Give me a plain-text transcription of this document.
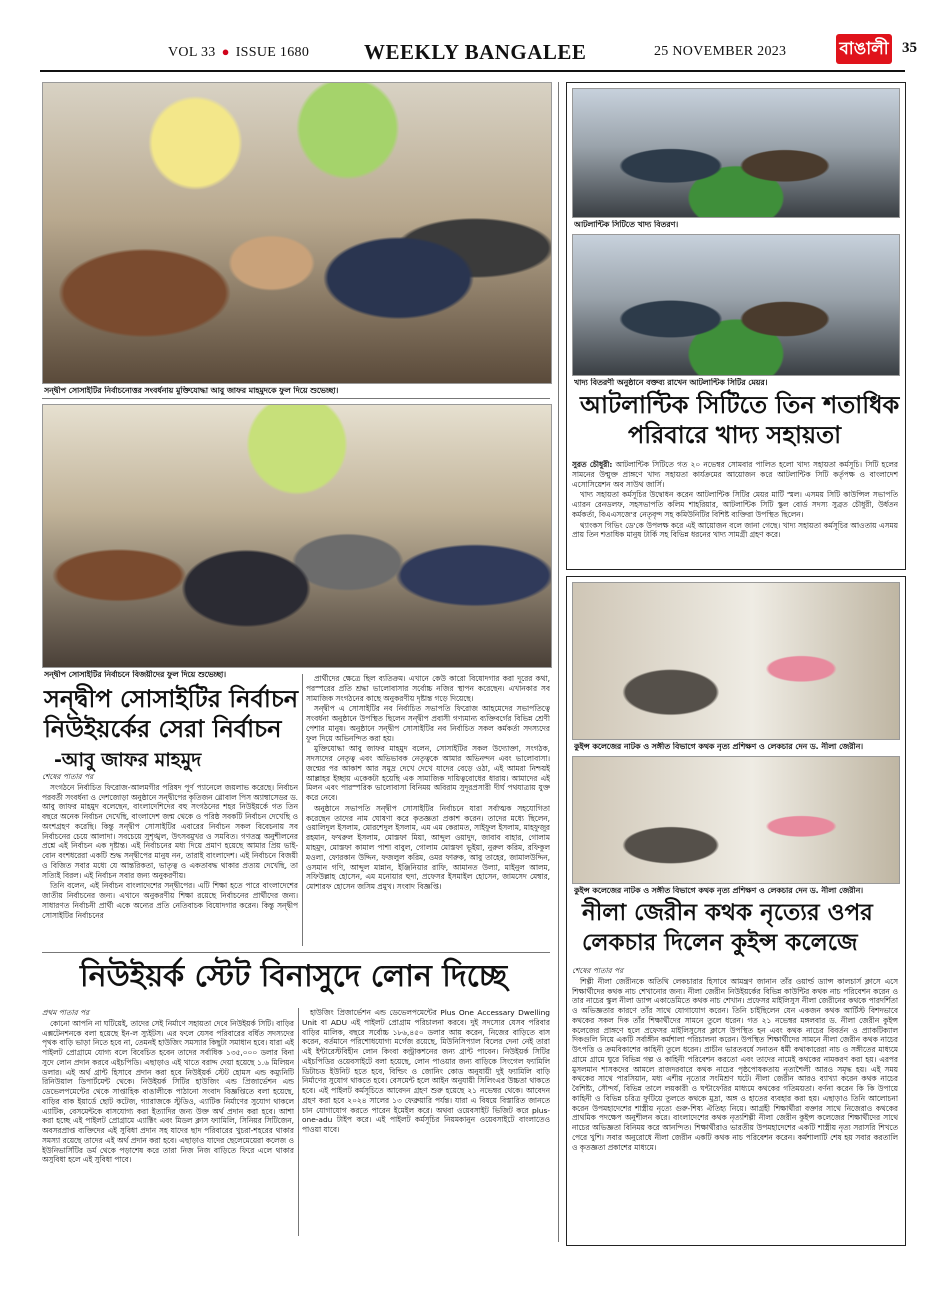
VOL 33 ● ISSUE 1680	WEEKLY BANGALEE	25 NOVEMBER 2023	বাঙালী 35
সন্দ্বীপ সোসাইটির নির্বাচনোত্তর সংবর্ধনায় মুক্তিযোদ্ধা আবু জাফর মাহমুদকে ফুল দিয়ে শুভেচ্ছা।
সন্দ্বীপ সোসাইটির নির্বাচনে বিজয়ীদের ফুল দিয়ে শুভেচ্ছা।
সন্দ্বীপ সোসাইটির নির্বাচন
নিউইয়র্কের সেরা নির্বাচন
-আবু জাফর মাহমুদ

শেষের পাতার পর

সংগঠনে নির্বাচিত ফিরোজ-আলমগীর পরিষদ পূর্ণ প্যানেলে জয়লাভ করেছে। নির্বাচন পরবর্তী সংবর্ধনা ও দেশজোড়া অনুষ্ঠানে সন্দ্বীপের কৃতিজন গ্লোবাল পিস অ্যাম্বাসেডর ড. আবু জাফর মাহমুদ বলেছেন, বাংলাদেশিদের বহু সংগঠনের শহর নিউইয়র্কে গত তিন বছরে অনেক নির্বাচন দেখেছি, বাংলাদেশ জন্ম থেকে ও পরিষ্ঠ সবকটি নির্বাচন দেখেছি ও অংশগ্রহণ করেছি। কিন্তু সন্দ্বীপ সোসাইটির এবারের নির্বাচন সকল বিবেচনায় সব নির্বাচনের চেয়ে আলাদা। সবচেয়ে সুশৃঙ্খল, উৎসবমুখর ও সমবিত। গণতন্ত্র অনুশীলনের প্রশ্নে এই নির্বাচন এক দৃষ্টান্ত। এই নির্বাচনের মধ্য দিয়ে প্রমাণ হয়েছে আমার প্রিয় ভাই-বোন বংশধরেরা একটি শুদ্ধ সন্দ্বীপের মানুষ নন, তারাই বাংলাদেশ। এই নির্বাচনে বিজয়ী ও বিজিত সবার মধ্যে যে আন্তরিকতা, ভাতৃত্ব ও একতাবদ্ধ থাকার প্রত্যয় দেখেছি, তা সত্যিই বিরল। এই নির্বাচন সবার জন্য অনুকরণীয়।

তিনি বলেন, এই নির্বাচন বাংলাদেশের সন্দ্বীপের। এটি শিক্ষা হতে পারে বাংলাদেশের জাতীয় নির্বাচনের জন্য। এখানে অনুকরণীয় শিক্ষা রয়েছে নির্বাচনের প্রার্থীদের জন্য। সাধারণত নির্বাচনী প্রার্থী একে অন্যের প্রতি নেতিবাচক বিষোদগার করেন। কিন্তু সন্দ্বীপ সোসাইটির নির্বাচনের

প্রার্থীদের ক্ষেত্রে ছিল ব্যতিক্রম। এখানে কেউ কারো বিষোদগার করা দূরের কথা, পরস্পরের প্রতি শ্রদ্ধা ভালোবাসার সর্বোচ্চ নজির স্থাপন করেছেন। এখানকার সব সামাজিক সংগঠনের কাছে অনুকরণীয় দৃষ্টান্ত গড়ে দিয়েছে।

সন্দ্বীপ এ সোসাইটির নব নির্বাচিত সভাপতি ফিরোজ আহমেদের সভাপতিত্বে সংবর্ধনা অনুষ্ঠানে উপস্থিত ছিলেন সন্দ্বীপ প্রবাসী গণ্যমান্য ব্যক্তিবর্গের বিভিন্ন শ্রেণী পেশার মানুষ। অনুষ্ঠানে সন্দ্বীপ সোসাইটির নব নির্বাচিত সকল কর্মকর্তা সদস্যদের ফুল দিয়ে অভিনন্দিত করা হয়।

মুক্তিযোদ্ধা আবু জাফর মাহমুদ বলেন, সোসাইটির সকল উদ্যোক্তা, সংগঠক, সদস্যদের নেতৃত্ব এবং অভিভাবক নেতৃত্বকে আমার অভিনন্দন এবং ভালোবাসা। জন্মের পর আকাশ আর সমুদ্র দেখে দেখে যাদের বেড়ে ওঠা, এই আমরা নিশ্চয়ই আল্লাহর ইচ্ছায় একেকটা হয়েছি এক সামাজিক দায়িত্ববোধের ধারায়। আমাদের এই মিলন এবং পারস্পরিক ভালোবাসা বিনিময় অবিরাম সুদূরপ্রসারী দীর্ঘ পথযাত্রায় যুক্ত করে নেবে।

অনুষ্ঠানে সভাপতি সন্দ্বীপ সোসাইটির নির্বাচনে যারা সর্বাত্মক সহযোগিতা করেছেন তাদের নাম ঘোষণা করে কৃতজ্ঞতা প্রকাশ করেন। তাদের মধ্যে ছিলেন, ওয়ালিদুল ইসলাম, মোরশেদুল ইসলাম, এম এম কেরামত, সাইফুল ইসলাম, মাহফুজুর রহমান, ফখরুল ইসলাম, মোস্তফা মিয়া, আব্দুল ওয়াদুদ, জাবাব বাহার, গোলাম মাহমুদ, মোস্তফা কামাল পাশা বাবুল, গোলাম মোস্তফা ভূইয়া, নুরুল করিম, রফিকুল মওলা, ফোরকান উদ্দিন, ফজলুল করিম, ওমর ফারুক, আবু তাহের, জামালউদ্দিন, ওসমান গণি, আব্দুল মান্নান, ইঞ্জিনিয়ার রাফি, আমানত উল্যা, মাইনুল আলম, সফিউল্লাহ হোসেন, এম মনোয়ার হুদা, প্রফেসর ইসমাইল হোসেন, জামসেদ মেম্বার, মোশারফ হোসেন জসিম প্রমুখ। সংবাদ বিজ্ঞপ্তি।

নিউইয়র্ক স্টেট বিনাসুদে লোন দিচ্ছে

প্রথম পাতার পর

কোনো আপনি না ঘটিয়েই, তাদের সেই নির্মাণে সহায়তা দেবে নিউইয়র্ক সিটি। বাড়ির এক্সটেনশনকে বলা হয়েছে ইন-ল স্যুইটস। এর ফলে যেসব পরিবারের বর্ধিত সদস্যদের পৃথক বাড়ি ভাড়া নিতে হবে না, তেমনই হাউজিং সমস্যার কিছুটা সমাধান হবে। যারা এই পাইলট প্রোগ্রামে যোগ্য বলে বিবেচিত হবেন তাদের সর্বাধিক ১৩৫,০০০ ডলার বিনা সুদে লোন প্রদান করবে এইচপিডি। এছাড়াও এই খাতে বরাদ্দ দেয়া হয়েছে ১.৬ মিলিয়ন ডলার। এই অর্থ গ্রান্ট হিসাবে প্রদান করা হবে নিউইয়র্ক স্টেট হোমস এন্ড কম্যুনিটি রিনিউয়াল ডিপার্টমেন্ট থেকে। নিউইয়র্ক সিটির হাউজিং এন্ড প্রিজার্ভেশন এন্ড ডেভেলপমেন্টের থেকে সাপ্তাহিক বাঙালীকে পাঠানো সংবাদ বিজ্ঞপ্তিতে বলা হয়েছে, বাড়ির বাক ইয়ার্ডে ছোট কটেজ, গ্যারাজকে স্টুডিও, এ্যাটিক নির্মাণের সুযোগ থাকলে এ্যাটিক, বেসমেন্টকে বাসযোগ্য করা ইত্যাদির জন্য উক্ত অর্থ প্রদান করা হবে। আশা করা হচ্ছে এই পাইলট প্রোগ্রামে এ্যাক্টিং এবং মিডল ক্লাস ফ্যামিলি, সিনিয়র সিটিজেন, অবসরপ্রাপ্ত ব্যক্তিদের এই সুবিধা প্রদান সহ যাদের ছাদ পরিবারের খুচরা-শহরের থাকার সমস্যা রয়েছে তাদের এই অর্থ প্রদান করা হবে। এছাড়াও যাদের ছেলেমেয়েরা কলেজ ও ইউনিভার্সিটির ডর্ম থেকে পড়াশেষ করে তারা নিজ নিজ বাড়িতে ফিরে এলে থাকার অসুবিধা হলে এই সুবিধা পাবে।

হাউজিং প্রিজার্ভেশন এন্ড ডেভেলপমেন্টের Plus One Accessary Dwelling Unit বা ADU এই পাইলট প্রোগ্রাম পরিচালনা করবে। দুই সদস্যের যেসব পরিবার বাড়ির মালিক, বছরে সর্বোচ্চ ১৮৬,৪৫০ ডলার আয় করেন, নিজের বাড়িতে বাস করেন, বর্তমানে পরিশোধযোগ্য মর্গেজ রয়েছে, মিউনিসিপ্যাল বিলের দেনা নেই তারা এই ইন্টারেস্টবিহীন লোন কিংবা কন্ট্রাকশনের জন্য গ্রান্ট পাবেন। নিউইয়র্ক সিটির এইচপিডির ওয়েবসাইটে বলা হয়েছে, লোন পাওয়ার জন্য বাড়িকে সিংগেল ফ্যামিলি ডিটাচড ইউনিট হতে হবে, বিল্ডিং ও জোনিং কোড অনুযায়ী দুই ফ্যামিলি বাড়ি নির্মাণের সুযোগ থাকতে হবে। বেসমেন্ট হলে আইন অনুযায়ী সিলিংএর উচ্চতা থাকতে হবে। এই পাইলট কর্মসূচিতে আবেদন গ্রহণ শুরু হয়েছে ২১ নভেম্বর থেকে। আবেদন গ্রহণ করা হবে ২০২৪ সালের ১৩ ফেব্রুয়ারি পর্যন্ত। যারা এ বিষয়ে বিস্তারিত জানতে চান যোগাযোগ করতে পারেন ইমেইল করে। অথবা ওয়েবসাইট ভিজিট করে plus-one-adu টাইপ করে। এই পাইলট কর্মসূচির নিয়মকানুন ওয়েবসাইটে বাংলাতেও পাওয়া যাবে।

আটলান্টিক সিটিতে খাদ্য বিতরণ।
খাদ্য বিতরণী অনুষ্ঠানে বক্তব্য রাখেন আটলান্টিক সিটির মেয়র।
আটলান্টিক সিটিতে তিন শতাধিক
পরিবারে খাদ্য সহায়তা

সুরত চৌধুরী: আটলান্টিক সিটিতে গত ২০ নভেম্বর সোমবার পালিত হলো খাদ্য সহায়তা কর্মসূচি। সিটি হলের সামনের উন্মুক্ত প্রাঙ্গণে খাদ্য সহায়তা কার্যক্রমের আয়োজন করে আটলান্টিক সিটি কর্তৃপক্ষ ও বাংলাদেশ এসোসিয়েশন অব সাউথ জার্সি।

খাদ্য সহায়তা কর্মসূচির উদ্বোধন করেন আটলান্টিক সিটির মেয়র মার্টি স্মল। এসময় সিটি কাউন্সিল সভাপতি এ্যারন রেনডলফ, সহসভাপতি কলিম শাহরিয়ার, আটলান্টিক সিটি স্কুল বোর্ড সদস্য সুব্রত চৌধুরী, উর্ধতন কর্মকর্তা, বিএএসজে'র নেতৃবৃন্দ সহ কমিউনিটির বিশিষ্ট ব্যক্তিরা উপস্থিত ছিলেন।

থ্যাংকস গিভিং ডে'কে উপলক্ষ করে এই আয়োজন বলে জানা গেছে। খাদ্য সহায়তা কর্মসূচির আওতায় এসময় প্রায় তিন শতাধিক মানুষ টার্কি সহ বিভিন্ন ধরনের খাদ্য সামগ্রী গ্রহণ করে।

কুইন্স কলেজের নাটক ও সঙ্গীত বিভাগে কথক নৃত্য প্রশিক্ষণ ও লেকচার দেন ড. নীলা জেরীন।
কুইন্স কলেজের নাটক ও সঙ্গীত বিভাগে কথক নৃত্য প্রশিক্ষণ ও লেকচার দেন ড. নীলা জেরীন।
নীলা জেরীন কথক নৃত্যের ওপর
লেকচার দিলেন কুইন্স কলেজে

শেষের পাতার পর

শিল্পী নীলা জেরীনকে অতিথি লেকচারার হিসাবে আমন্ত্রণ জানান তাঁর ওয়ার্ল্ড ড্যান্স কালচার্স ক্লাসে এসে শিক্ষার্থীদের কথক নাচ শেখানোর জন্য। নীলা জেরীন নিউইয়র্কের বিভিন্ন কাউন্টির কথক নাচ পরিবেশন করেন ও তার নাচের স্কুল নীলা ড্যান্স একাডেমিতে কথক নাচ শেখান। প্রফেসর মাইলিসুস নীলা জেরীনের কথকে পারদর্শিতা ও অভিজ্ঞতার কারণে তাঁর সাথে যোগাযোগ করেন। তিনি চাইছিলেন যেন একজন কথক আর্টিস্ট বিশদভাবে কথকের সকল দিক তাঁর শিক্ষার্থীদের সামনে তুলে ধরেন। গত ২১ নভেম্বর মঙ্গলবার ড. নীলা জেরীন কুইন্স কলেজের প্রাঙ্গণে হলে প্রফেসর মাইলিসুসের ক্লাসে উপস্থিত হন এবং কথক নাচের বিবর্তন ও প্র্যাকটিক্যাল দিকগুলি নিয়ে একটি সর্বাঙ্গীন কর্মশালা পরিচালনা করেন। উপস্থিত শিক্ষার্থীদের সামনে নীলা জেরীন কথক নাচের উৎপত্তি ও ক্রমবিকাশের কাহিনী তুলে ধরেন। প্রাচীন ভারতবর্ষে সনাতন ধর্মী কথাকারেরা নাচ ও সঙ্গীতের মাধ্যমে গ্রামে গ্রামে ঘুরে বিভিন্ন গল্প ও কাহিনী পরিবেশন করতো এবং তাদের নামেই কথকের নামকরণ করা হয়। এরপর মুসলমান শাসকদের আমলে রাজদরবারে কথক নাচের পৃষ্ঠপোষকতায় নৃত্যশৈলী আরও সমৃদ্ধ হয়। এই সময় কথকের সাথে পারসিয়ান, মধ্য এশীয় নৃত্যের সংমিশ্রণ ঘটে। নীলা জেরীন আরও ব্যাখ্যা করেন কথক নাচের বৈশিষ্ট্য, সৌন্দর্য, বিভিন্ন তালে লয়কারী ও ঘন্টাফেরির মাধ্যমে কথকের গতিময়তা। বর্ণনা করেন কি কি উপায়ে কাহিনী ও বিভিন্ন চরিত্র ফুটিয়ে তুলতে কথকে মুদ্রা, অঙ্গ ও হাতের ব্যবহার করা হয়। এছাড়াও তিনি আলোচনা করেন উপমহাদেশের শাস্ত্রীয় নৃত্যে গুরু-শিষ্য ঐতিহ্য নিয়ে। আগ্রহী শিক্ষার্থীরা বক্তার সাথে নিজেরাও কথকের প্রাথমিক পদক্ষেপ অনুশীলন করে। বাংলাদেশের কথক নৃত্যশিল্পী নীলা জেরীন কুইন্স কলেজের শিক্ষার্থীদের সাথে নাচের অভিজ্ঞতা বিনিময় করে আনন্দিত। শিক্ষার্থীরাও ভারতীয় উপমহাদেশের একটি শাস্ত্রীয় নৃত্য সরাসরি শিখতে পেরে খুশি। সবার অনুরোধে নীলা জেরীন একটি কথক নাচ পরিবেশন করেন। কর্মশালাটি শেষ হয় সবার করতালি ও কৃতজ্ঞতা প্রকাশের মাধ্যমে।
